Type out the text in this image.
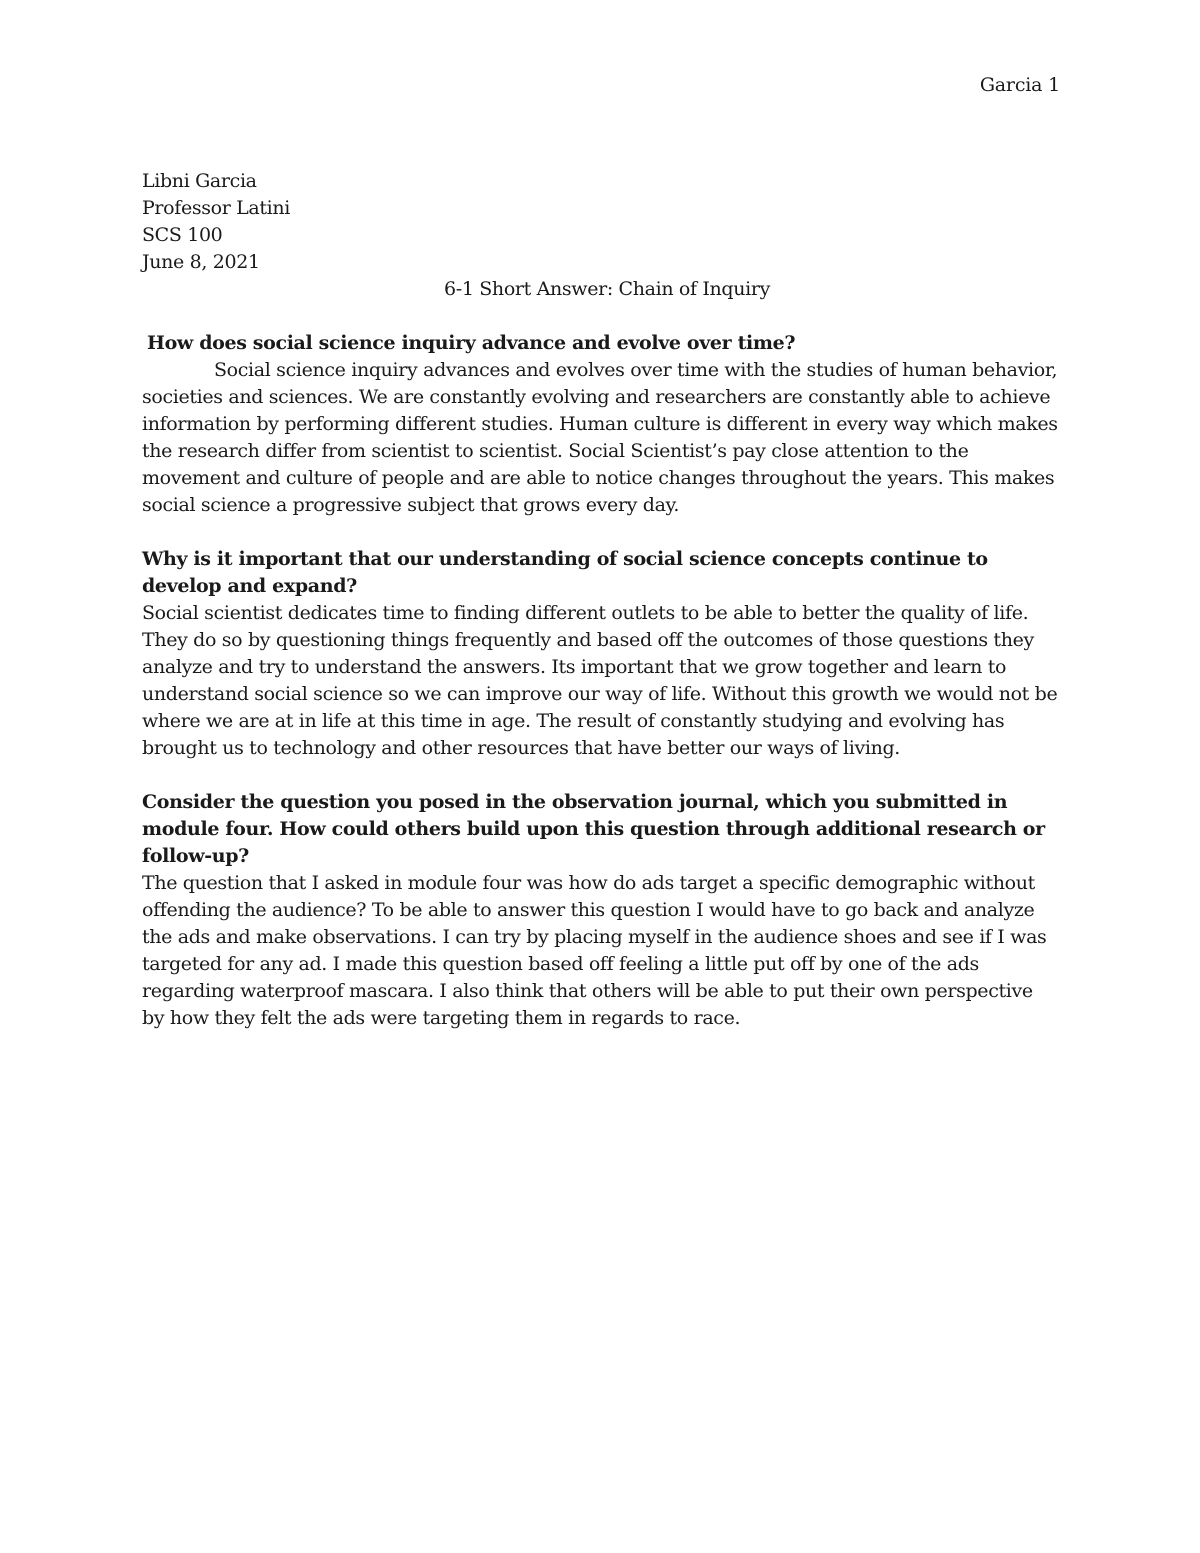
Garcia 1

Libni Garcia

Professor Latini

SCS 100

June 8, 2021

6-1 Short Answer: Chain of Inquiry

How does social science inquiry advance and evolve over time?

Social science inquiry advances and evolves over time with the studies of human behavior, societies and sciences. We are constantly evolving and researchers are constantly able to achieve information by performing different studies. Human culture is different in every way which makes the research differ from scientist to scientist. Social Scientist’s pay close attention to the movement and culture of people and are able to notice changes throughout the years. This makes social science a progressive subject that grows every day.

Why is it important that our understanding of social science concepts continue to develop and expand?

Social scientist dedicates time to finding different outlets to be able to better the quality of life. They do so by questioning things frequently and based off the outcomes of those questions they analyze and try to understand the answers. Its important that we grow together and learn to understand social science so we can improve our way of life. Without this growth we would not be where we are at in life at this time in age. The result of constantly studying and evolving has brought us to technology and other resources that have better our ways of living.

Consider the question you posed in the observation journal, which you submitted in module four. How could others build upon this question through additional research or follow-up?

The question that I asked in module four was how do ads target a specific demographic without offending the audience? To be able to answer this question I would have to go back and analyze the ads and make observations. I can try by placing myself in the audience shoes and see if I was targeted for any ad. I made this question based off feeling a little put off by one of the ads regarding waterproof mascara. I also think that others will be able to put their own perspective by how they felt the ads were targeting them in regards to race.
